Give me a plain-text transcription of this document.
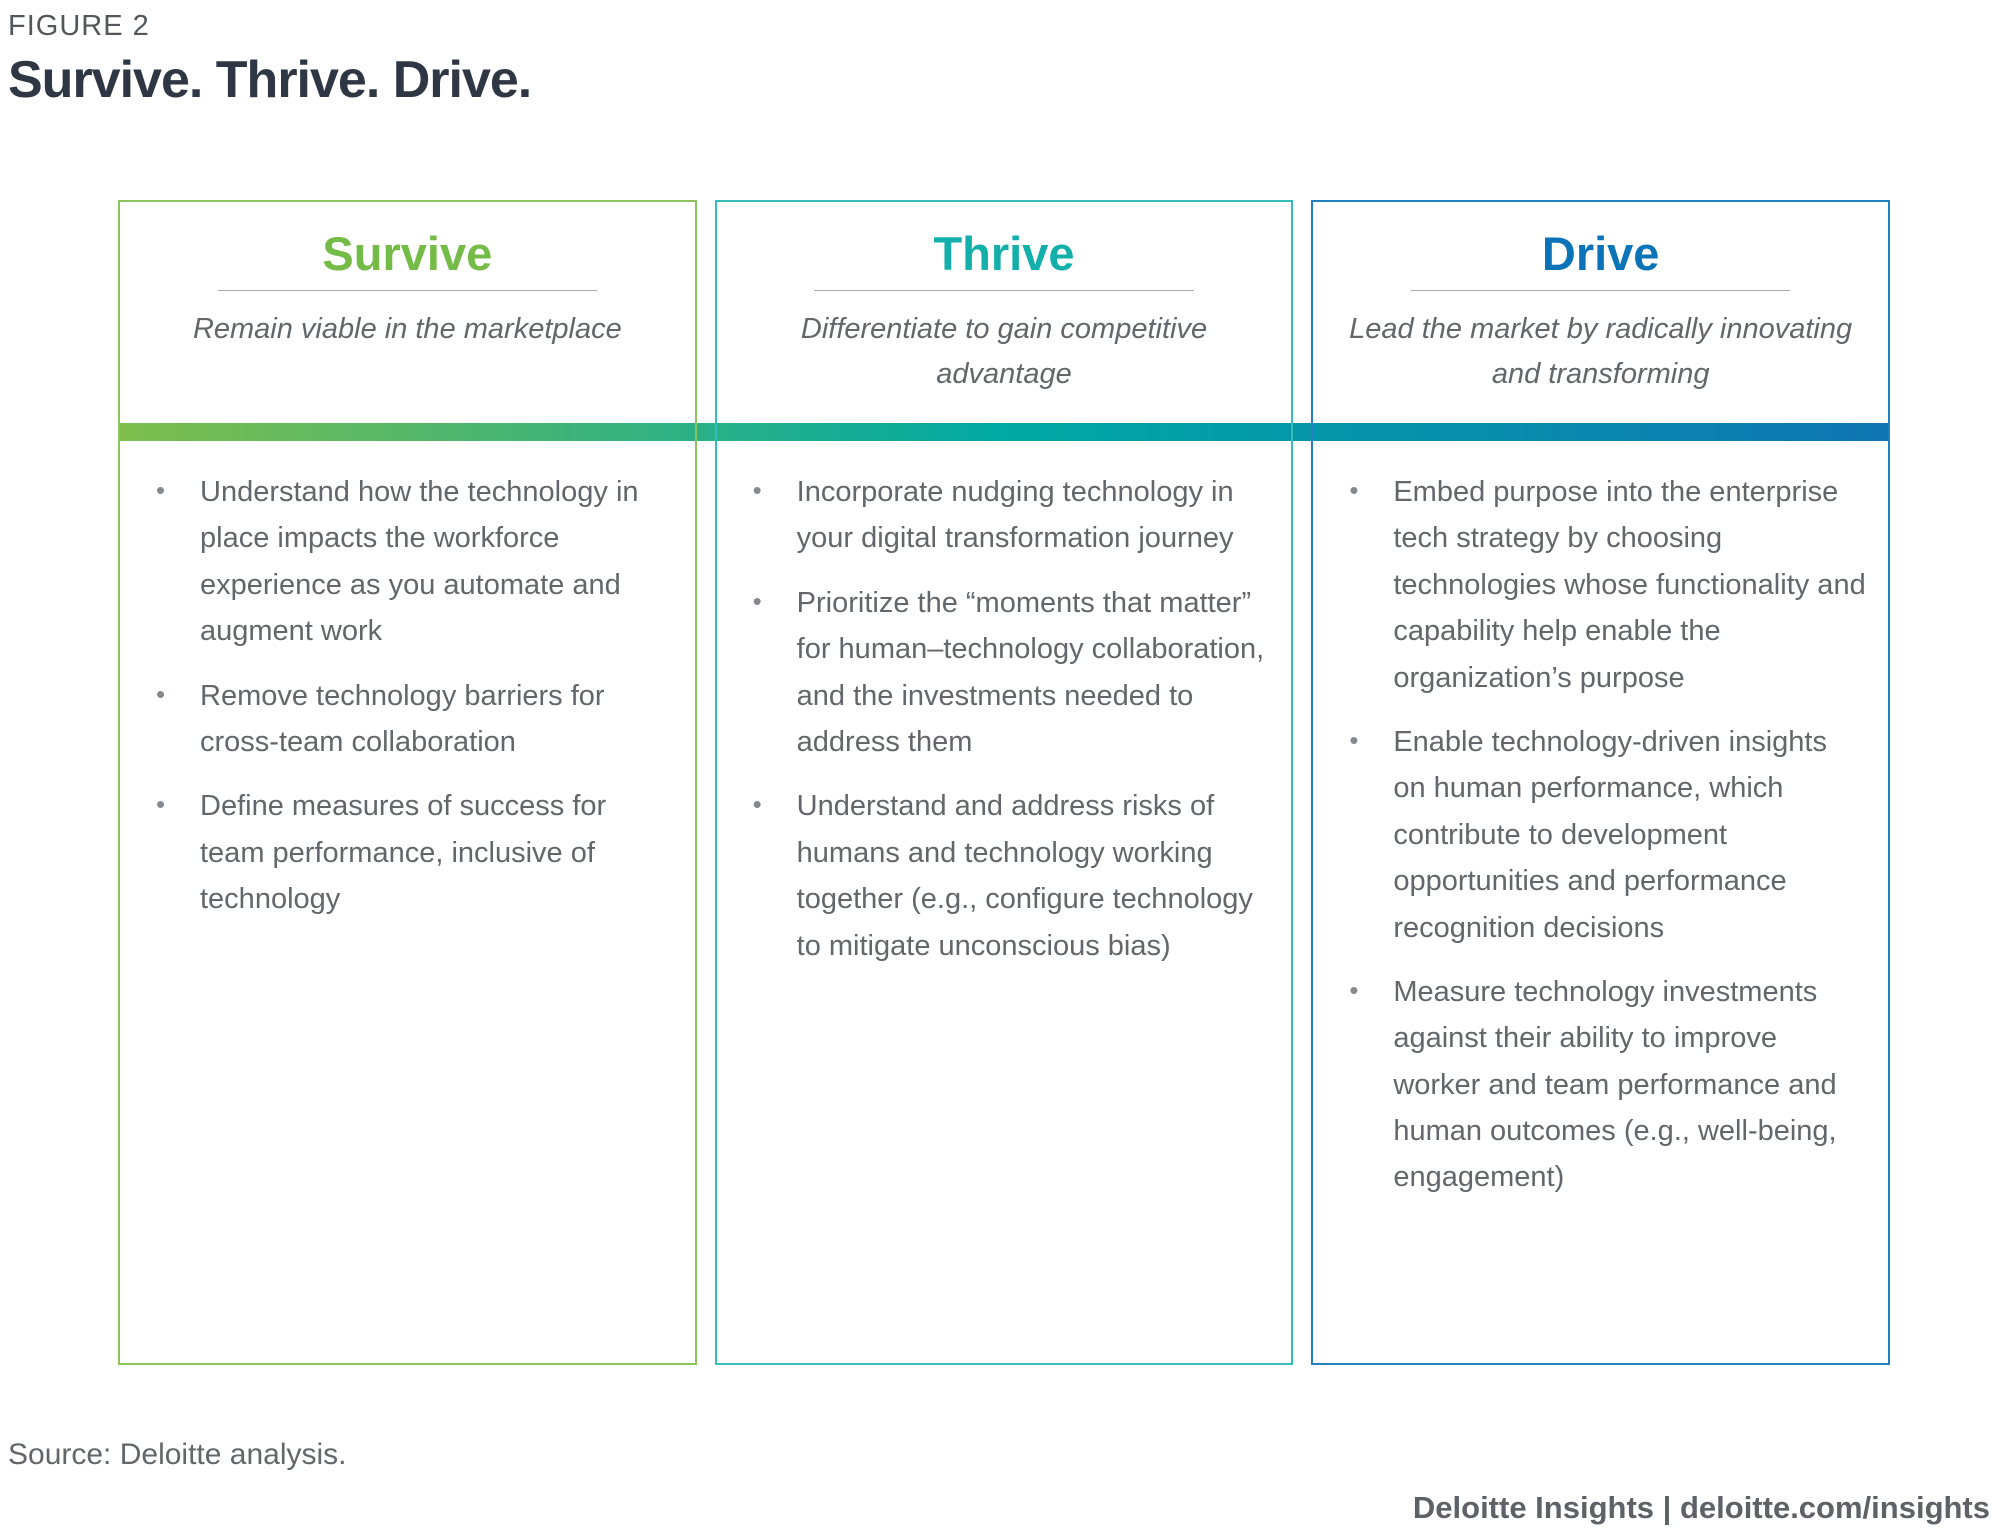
FIGURE 2
Survive. Thrive. Drive.
Survive

Remain viable in the marketplace

• Understand how the technology in place impacts the workforce experience as you automate and augment work
• Remove technology barriers for cross-team collaboration
• Define measures of success for team performance, inclusive of technology
Thrive

Differentiate to gain competitive advantage

• Incorporate nudging technology in your digital transformation journey
• Prioritize the “moments that matter” for human–technology collaboration, and the investments needed to address them
• Understand and address risks of humans and technology working together (e.g., configure technology to mitigate unconscious bias)
Drive

Lead the market by radically innovating and transforming

• Embed purpose into the enterprise tech strategy by choosing technologies whose functionality and capability help enable the organization’s purpose
• Enable technology-driven insights on human performance, which contribute to development opportunities and performance recognition decisions
• Measure technology investments against their ability to improve worker and team performance and human outcomes (e.g., well-being, engagement)

Source: Deloitte analysis.

Deloitte Insights | deloitte.com/insights
